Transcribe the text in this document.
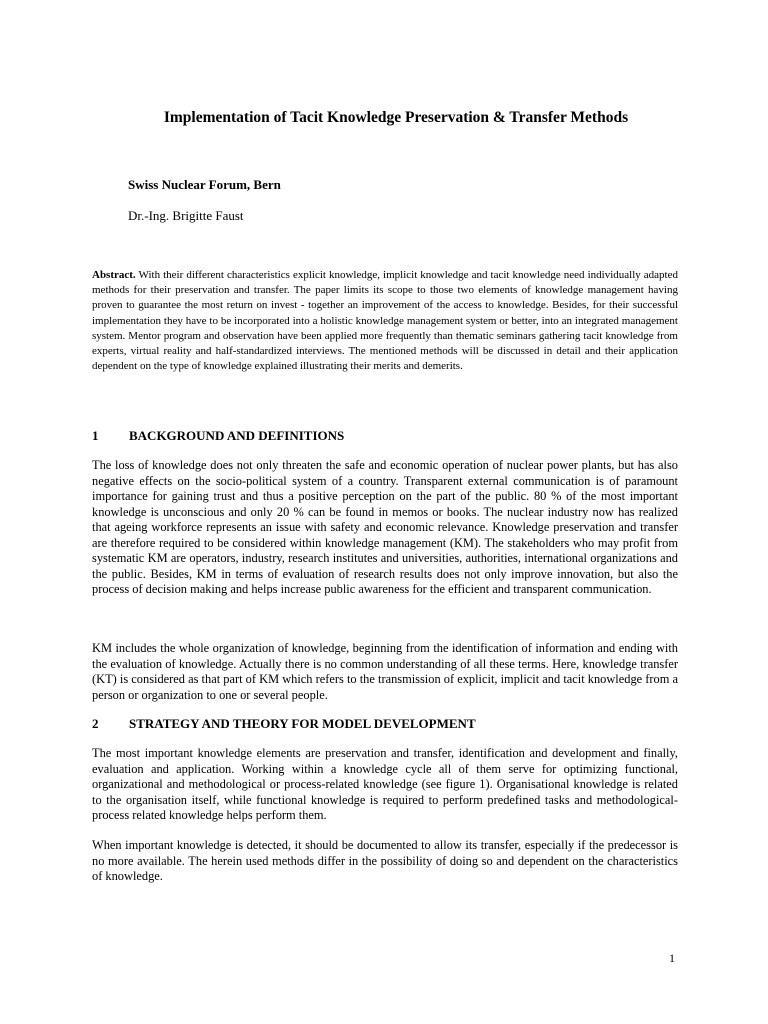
Implementation of Tacit Knowledge Preservation & Transfer Methods
Swiss Nuclear Forum, Bern
Dr.-Ing. Brigitte Faust
Abstract. With their different characteristics explicit knowledge, implicit knowledge and tacit knowledge need individually adapted methods for their preservation and transfer. The paper limits its scope to those two elements of knowledge management having proven to guarantee the most return on invest - together an improvement of the access to knowledge. Besides, for their successful implementation they have to be incorporated into a holistic knowledge management system or better, into an integrated management system. Mentor program and observation have been applied more frequently than thematic seminars gathering tacit knowledge from experts, virtual reality and half-standardized interviews. The mentioned methods will be discussed in detail and their application dependent on the type of knowledge explained illustrating their merits and demerits.
1 BACKGROUND AND DEFINITIONS
The loss of knowledge does not only threaten the safe and economic operation of nuclear power plants, but has also negative effects on the socio-political system of a country. Transparent external communication is of paramount importance for gaining trust and thus a positive perception on the part of the public. 80 % of the most important knowledge is unconscious and only 20 % can be found in memos or books. The nuclear industry now has realized that ageing workforce represents an issue with safety and economic relevance. Knowledge preservation and transfer are therefore required to be considered within knowledge management (KM). The stakeholders who may profit from systematic KM are operators, industry, research institutes and universities, authorities, international organizations and the public. Besides, KM in terms of evaluation of research results does not only improve innovation, but also the process of decision making and helps increase public awareness for the efficient and transparent communication.
KM includes the whole organization of knowledge, beginning from the identification of information and ending with the evaluation of knowledge. Actually there is no common understanding of all these terms. Here, knowledge transfer (KT) is considered as that part of KM which refers to the transmission of explicit, implicit and tacit knowledge from a person or organization to one or several people.
2 STRATEGY AND THEORY FOR MODEL DEVELOPMENT
The most important knowledge elements are preservation and transfer, identification and development and finally, evaluation and application. Working within a knowledge cycle all of them serve for optimizing functional, organizational and methodological or process-related knowledge (see figure 1). Organisational knowledge is related to the organisation itself, while functional knowledge is required to perform predefined tasks and methodological-process related knowledge helps perform them.
When important knowledge is detected, it should be documented to allow its transfer, especially if the predecessor is no more available. The herein used methods differ in the possibility of doing so and dependent on the characteristics of knowledge.
1
